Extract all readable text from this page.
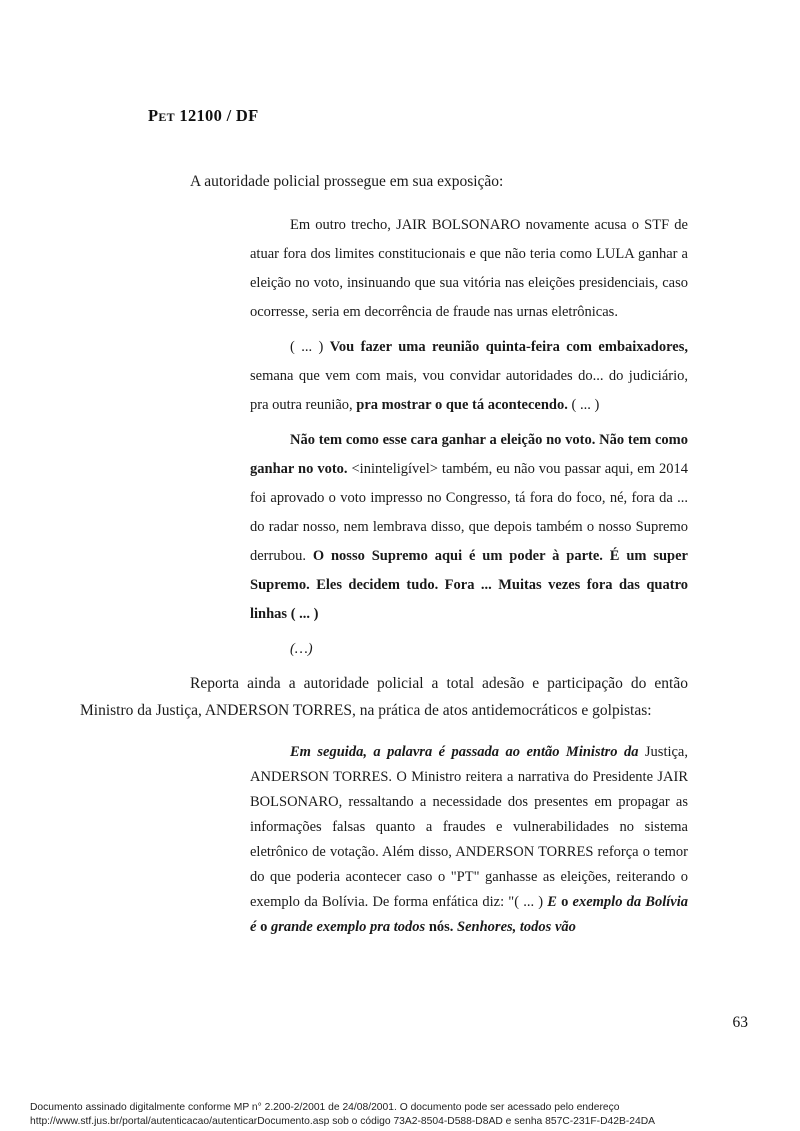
Pet 12100 / DF

A autoridade policial prossegue em sua exposição:

Em outro trecho, JAIR BOLSONARO novamente acusa o STF de atuar fora dos limites constitucionais e que não teria como LULA ganhar a eleição no voto, insinuando que sua vitória nas eleições presidenciais, caso ocorresse, seria em decorrência de fraude nas urnas eletrônicas.

( ... ) Vou fazer uma reunião quinta-feira com embaixadores, semana que vem com mais, vou convidar autoridades do... do judiciário, pra outra reunião, pra mostrar o que tá acontecendo. ( ... )

Não tem como esse cara ganhar a eleição no voto. Não tem como ganhar no voto. <ininteligível> também, eu não vou passar aqui, em 2014 foi aprovado o voto impresso no Congresso, tá fora do foco, né, fora da ... do radar nosso, nem lembrava disso, que depois também o nosso Supremo derrubou. O nosso Supremo aqui é um poder à parte. É um super Supremo. Eles decidem tudo. Fora ... Muitas vezes fora das quatro linhas ( ... )

(…)

Reporta ainda a autoridade policial a total adesão e participação do então Ministro da Justiça, ANDERSON TORRES, na prática de atos antidemocráticos e golpistas:

Em seguida, a palavra é passada ao então Ministro da Justiça, ANDERSON TORRES. O Ministro reitera a narrativa do Presidente JAIR BOLSONARO, ressaltando a necessidade dos presentes em propagar as informações falsas quanto a fraudes e vulnerabilidades no sistema eletrônico de votação. Além disso, ANDERSON TORRES reforça o temor do que poderia acontecer caso o "PT" ganhasse as eleições, reiterando o exemplo da Bolívia. De forma enfática diz: "( ... ) E o exemplo da Bolívia é o grande exemplo pra todos nós. Senhores, todos vão

63
Documento assinado digitalmente conforme MP n° 2.200-2/2001 de 24/08/2001. O documento pode ser acessado pelo endereço
http://www.stf.jus.br/portal/autenticacao/autenticarDocumento.asp sob o código 73A2-8504-D588-D8AD e senha 857C-231F-D42B-24DA
